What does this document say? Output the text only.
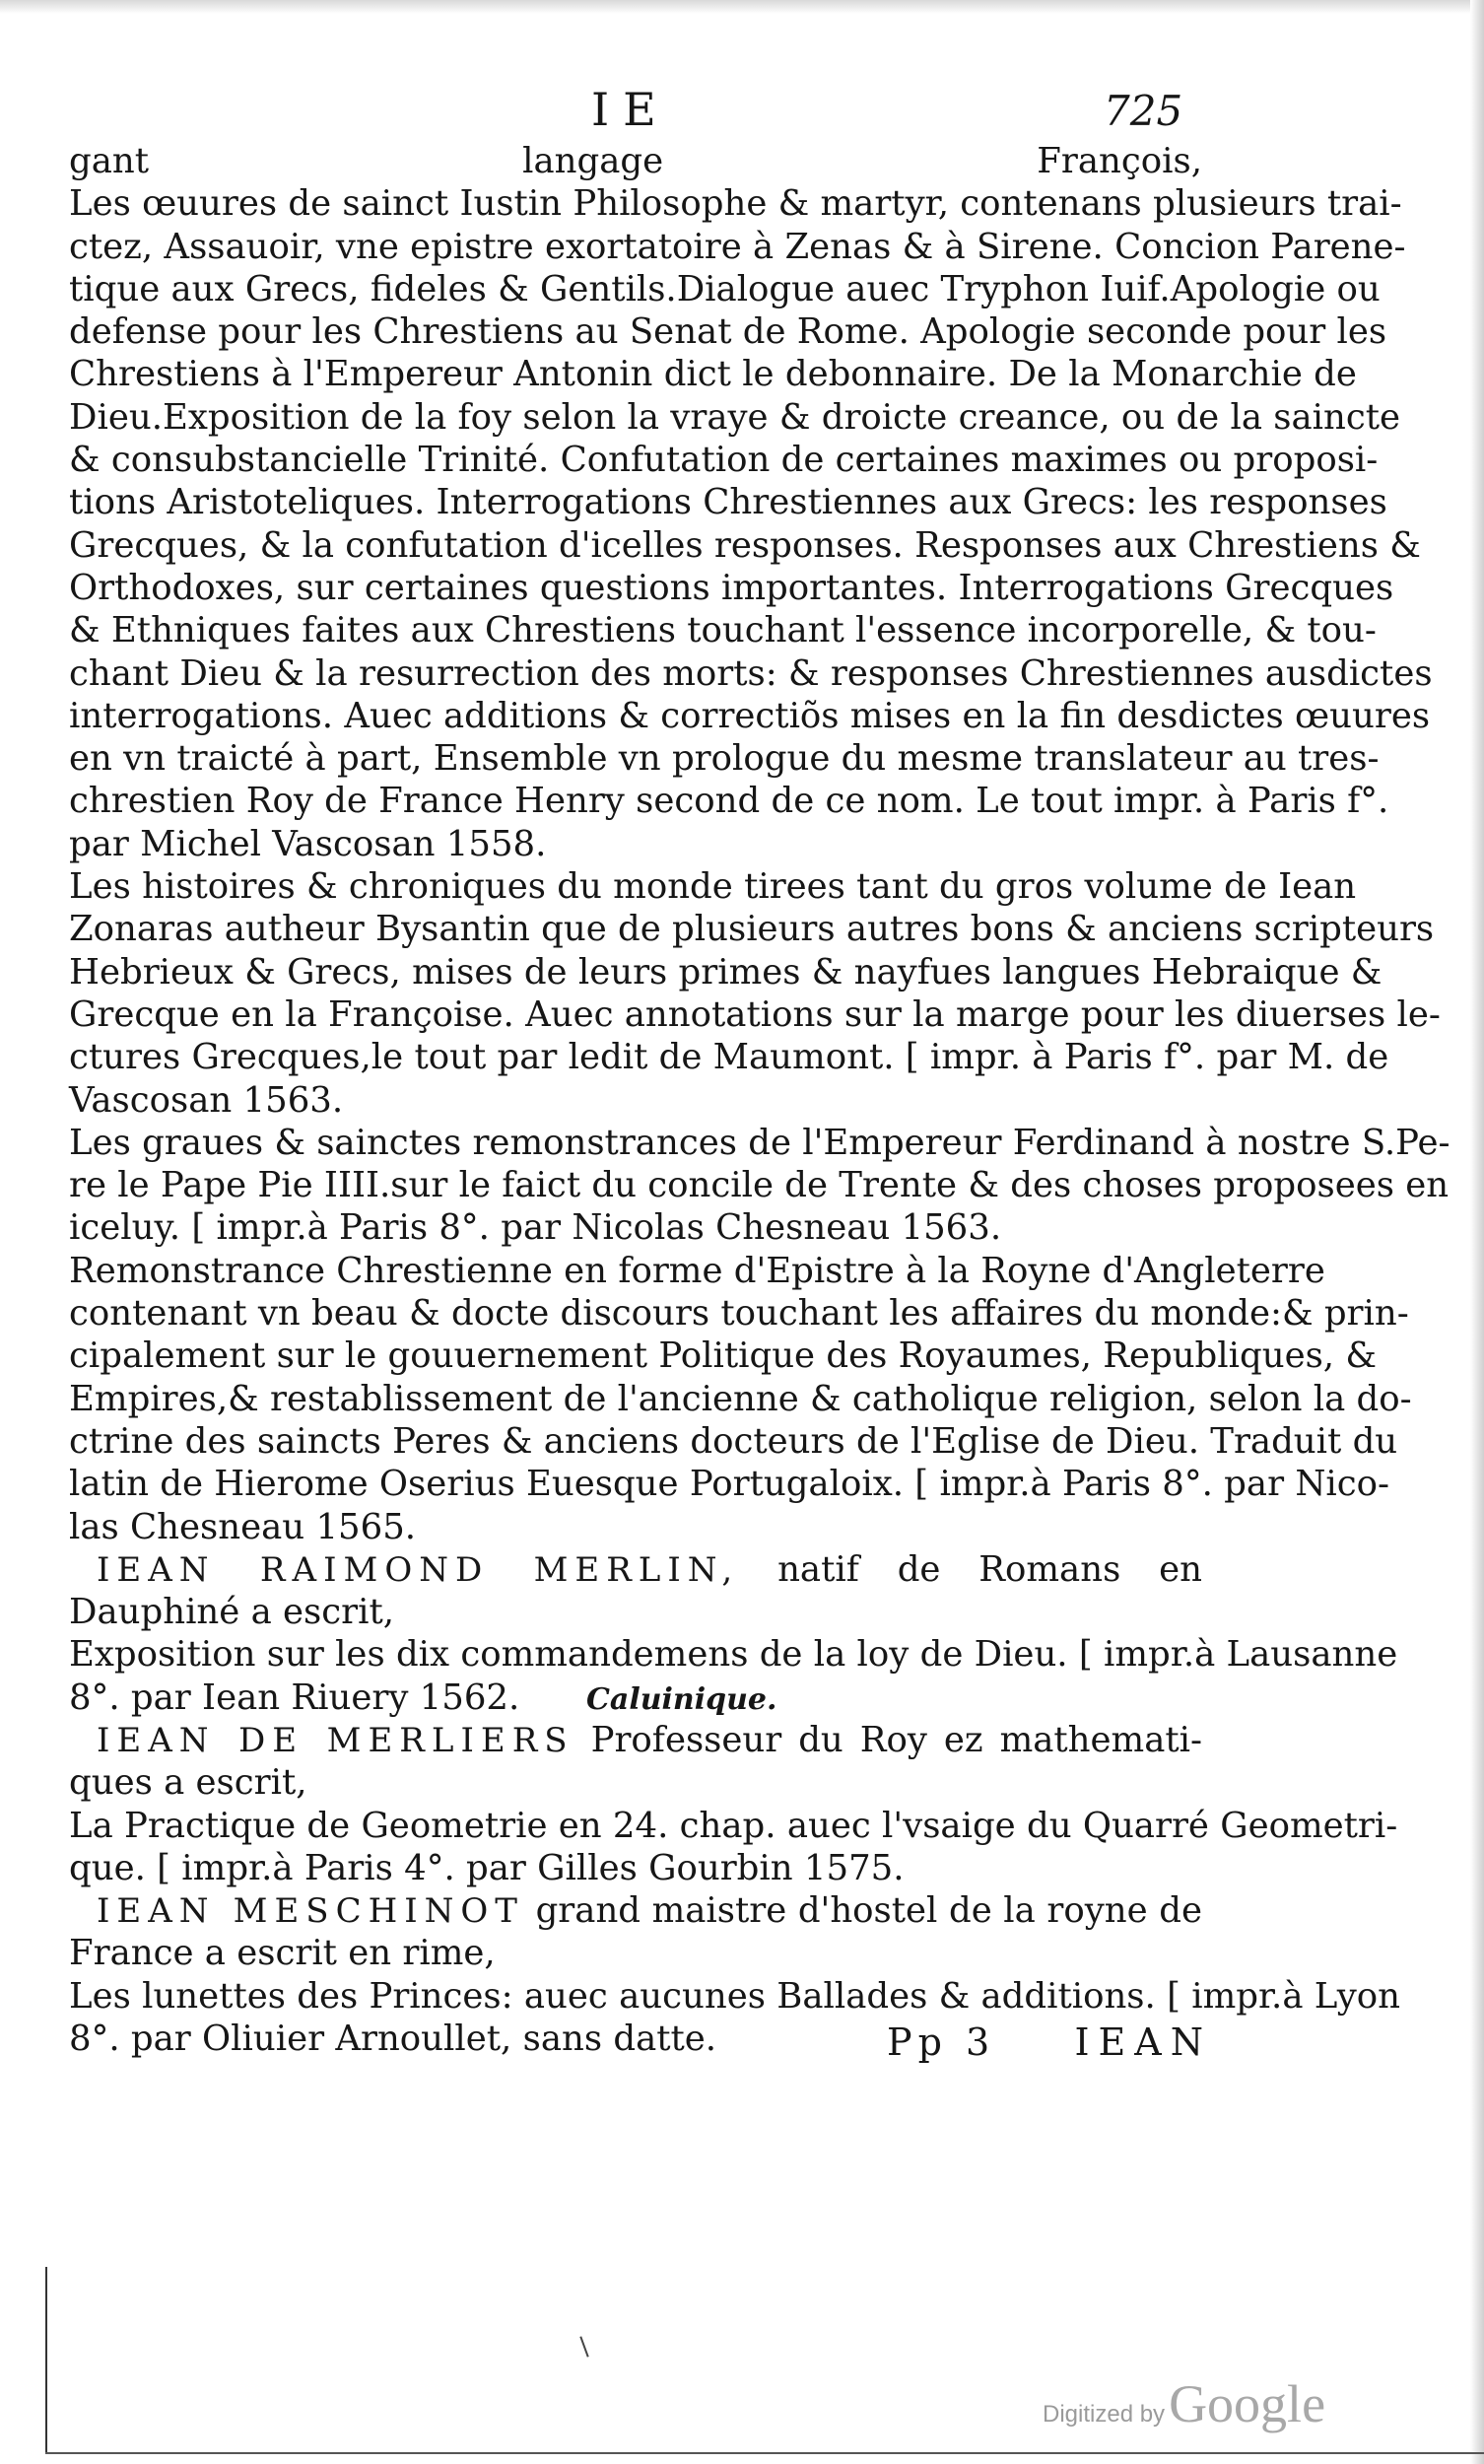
IE	725
gant langage François,
Les œuures de sainct Iustin Philosophe & martyr, contenans plusieurs trai-
ctez, Assauoir, vne epistre exortatoire à Zenas & à Sirene. Concion Parene-
tique aux Grecs, fideles & Gentils.Dialogue auec Tryphon Iuif.Apologie ou
defense pour les Chrestiens au Senat de Rome. Apologie seconde pour les
Chrestiens à l'Empereur Antonin dict le debonnaire. De la Monarchie de
Dieu.Exposition de la foy selon la vraye & droicte creance, ou de la saincte
& consubstancielle Trinité. Confutation de certaines maximes ou proposi-
tions Aristoteliques. Interrogations Chrestiennes aux Grecs: les responses
Grecques, & la confutation d'icelles responses. Responses aux Chrestiens &
Orthodoxes, sur certaines questions importantes. Interrogations Grecques
& Ethniques faites aux Chrestiens touchant l'essence incorporelle, & tou-
chant Dieu & la resurrection des morts: & responses Chrestiennes ausdictes
interrogations. Auec additions & correctiõs mises en la fin desdictes œuures
en vn traicté à part, Ensemble vn prologue du mesme translateur au tres-
chrestien Roy de France Henry second de ce nom. Le tout impr. à Paris f°.
par Michel Vascosan 1558.
Les histoires & chroniques du monde tirees tant du gros volume de Iean
Zonaras autheur Bysantin que de plusieurs autres bons & anciens scripteurs
Hebrieux & Grecs, mises de leurs primes & nayfues langues Hebraique &
Grecque en la Françoise. Auec annotations sur la marge pour les diuerses le-
ctures Grecques,le tout par ledit de Maumont. [ impr. à Paris f°. par M. de
Vascosan 1563.
Les graues & sainctes remonstrances de l'Empereur Ferdinand à nostre S.Pe-
re le Pape Pie IIII.sur le faict du concile de Trente & des choses proposees en
iceluy. [ impr.à Paris 8°. par Nicolas Chesneau 1563.
Remonstrance Chrestienne en forme d'Epistre à la Royne d'Angleterre
contenant vn beau & docte discours touchant les affaires du monde:& prin-
cipalement sur le gouuernement Politique des Royaumes, Republiques, &
Empires,& restablissement de l'ancienne & catholique religion, selon la do-
ctrine des saincts Peres & anciens docteurs de l'Eglise de Dieu. Traduit du
latin de Hierome Oserius Euesque Portugaloix. [ impr.à Paris 8°. par Nico-
las Chesneau 1565.
IEAN RAIMOND MERLIN, natif de Romans en
Dauphiné a escrit,
Exposition sur les dix commandemens de la loy de Dieu. [ impr.à Lausanne
8°. par Iean Riuery 1562. Caluinique.
IEAN DE MERLIERS Professeur du Roy ez mathemati-
ques a escrit,
La Practique de Geometrie en 24. chap. auec l'vsaige du Quarré Geometri-
que. [ impr.à Paris 4°. par Gilles Gourbin 1575.
IEAN MESCHINOT grand maistre d'hostel de la royne de
France a escrit en rime,
Les lunettes des Princes: auec aucunes Ballades & additions. [ impr.à Lyon
8°. par Oliuier Arnoullet, sans datte.	Pp 3 IEAN
Digitized by Google
